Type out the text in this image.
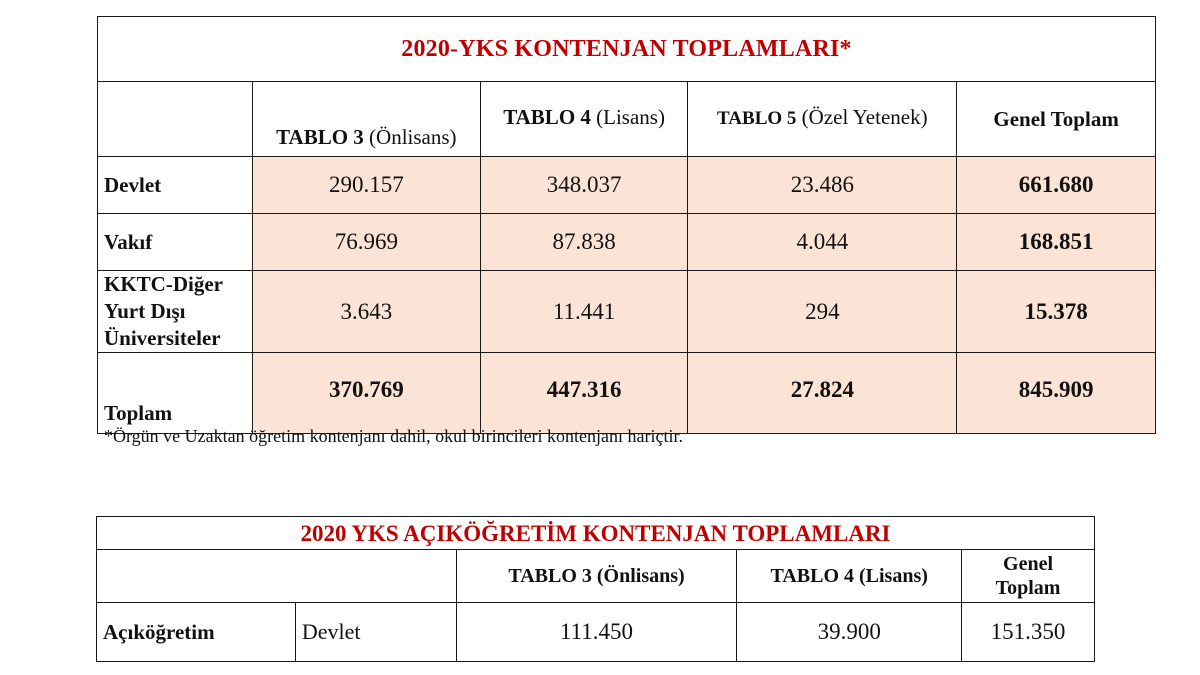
2020-YKS KONTENJAN TOPLAMLARI*				
	TABLO 3 (Önlisans)	TABLO 4 (Lisans)	TABLO 5 (Özel Yetenek)	Genel Toplam
Devlet	290.157	348.037	23.486	661.680
Vakıf	76.969	87.838	4.044	168.851

KKTC-Diğer
Yurt Dışı
Üniversiteler	3.643	11.441	294	15.378
Toplam	370.769	447.316	27.824	845.909
*Örgün ve Uzaktan öğretim kontenjanı dahil, okul birincileri kontenjanı hariçtir.
2020 YKS AÇIKÖĞRETİM KONTENJAN TOPLAMLARI				
		TABLO 3 (Önlisans)	TABLO 4 (Lisans)	Genel
Toplam

Açıköğretim	Devlet	111.450	39.900	151.350
